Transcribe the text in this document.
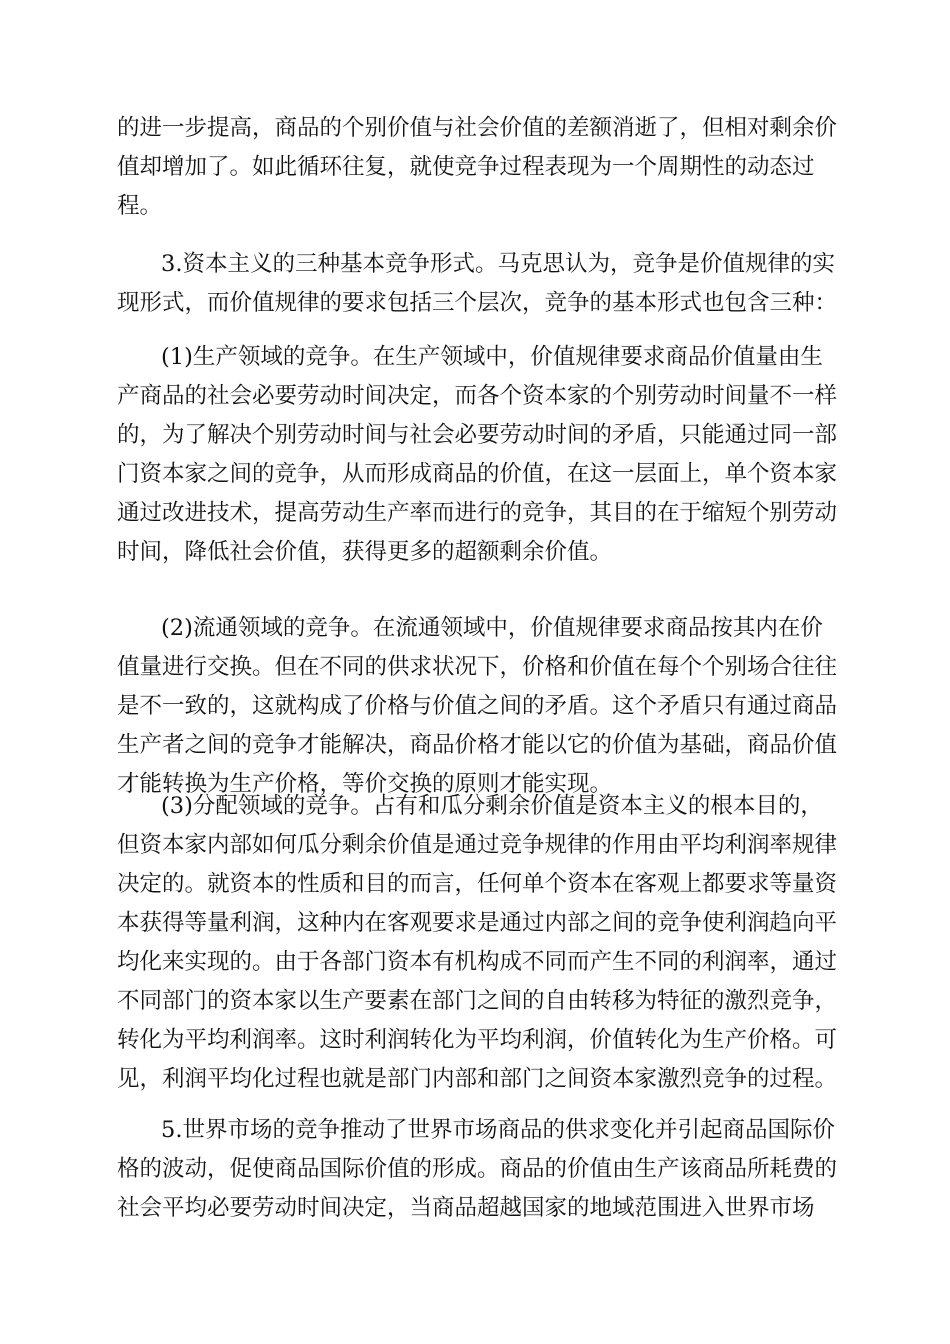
的进一步提高，商品的个别价值与社会价值的差额消逝了，但相对剩余价
值却增加了。如此循环往复，就使竞争过程表现为一个周期性的动态过
程。
3.资本主义的三种基本竞争形式。马克思认为，竞争是价值规律的实
现形式，而价值规律的要求包括三个层次，竞争的基本形式也包含三种：
(1)生产领域的竞争。在生产领域中，价值规律要求商品价值量由生
产商品的社会必要劳动时间决定，而各个资本家的个别劳动时间量不一样
的，为了解决个别劳动时间与社会必要劳动时间的矛盾，只能通过同一部
门资本家之间的竞争，从而形成商品的价值，在这一层面上，单个资本家
通过改进技术，提高劳动生产率而进行的竞争，其目的在于缩短个别劳动
时间，降低社会价值，获得更多的超额剩余价值。
(2)流通领域的竞争。在流通领域中，价值规律要求商品按其内在价
值量进行交换。但在不同的供求状况下，价格和价值在每个个别场合往往
是不一致的，这就构成了价格与价值之间的矛盾。这个矛盾只有通过商品
生产者之间的竞争才能解决，商品价格才能以它的价值为基础，商品价值
才能转换为生产价格，等价交换的原则才能实现。
(3)分配领域的竞争。占有和瓜分剩余价值是资本主义的根本目的，
但资本家内部如何瓜分剩余价值是通过竞争规律的作用由平均利润率规律
决定的。就资本的性质和目的而言，任何单个资本在客观上都要求等量资
本获得等量利润，这种内在客观要求是通过内部之间的竞争使利润趋向平
均化来实现的。由于各部门资本有机构成不同而产生不同的利润率，通过
不同部门的资本家以生产要素在部门之间的自由转移为特征的激烈竞争，
转化为平均利润率。这时利润转化为平均利润，价值转化为生产价格。可
见，利润平均化过程也就是部门内部和部门之间资本家激烈竞争的过程。
5.世界市场的竞争推动了世界市场商品的供求变化并引起商品国际价
格的波动，促使商品国际价值的形成。商品的价值由生产该商品所耗费的
社会平均必要劳动时间决定，当商品超越国家的地域范围进入世界市场
